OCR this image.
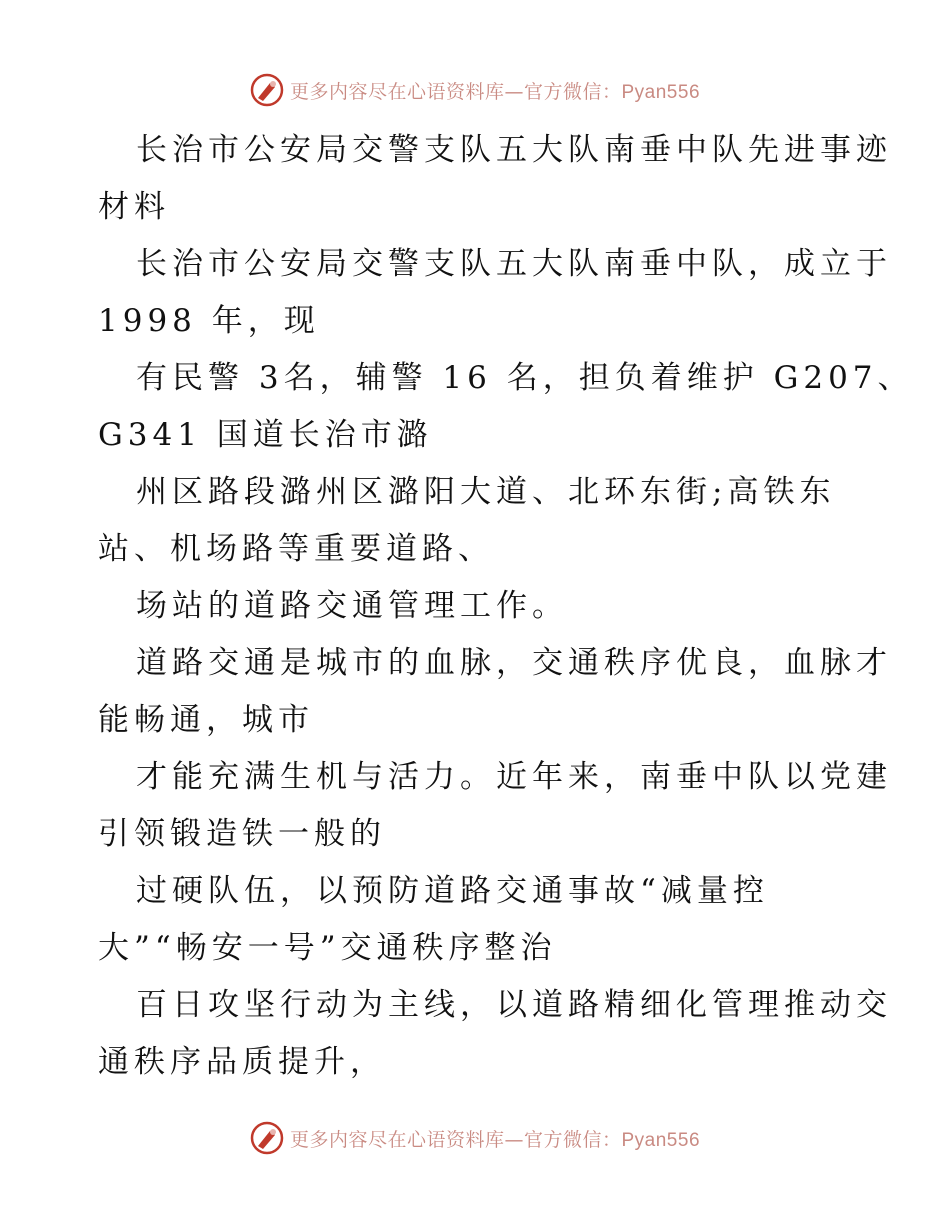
更多内容尽在心语资料库—官方微信：Pyan556

长治市公安局交警支队五大队南垂中队先进事迹
材料

长治市公安局交警支队五大队南垂中队，成立于
1998 年，现

有民警 3名，辅警 16 名，担负着维护 G207、
G341 国道长治市潞

州区路段潞州区潞阳大道、北环东街;高铁东
站、机场路等重要道路、

场站的道路交通管理工作。

道路交通是城市的血脉，交通秩序优良，血脉才
能畅通，城市

才能充满生机与活力。近年来，南垂中队以党建
引领锻造铁一般的

过硬队伍，以预防道路交通事故“减量控
大”“畅安一号”交通秩序整治

百日攻坚行动为主线，以道路精细化管理推动交
通秩序品质提升，

更多内容尽在心语资料库—官方微信：Pyan556
